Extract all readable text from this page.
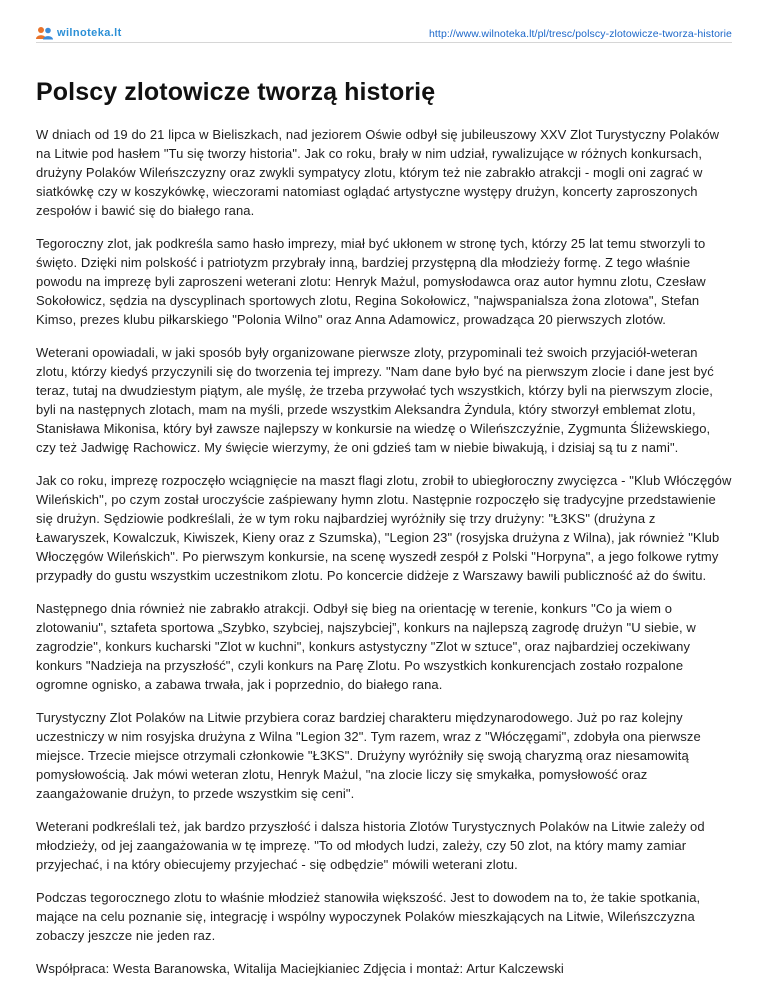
wilnoteka.lt	http://www.wilnoteka.lt/pl/tresc/polscy-zlotowicze-tworza-historie
Polscy zlotowicze tworzą historię

W dniach od 19 do 21 lipca w Bieliszkach, nad jeziorem Oświe odbył się jubileuszowy XXV Zlot Turystyczny Polaków na Litwie pod hasłem "Tu się tworzy historia". Jak co roku, brały w nim udział, rywalizujące w różnych konkursach, drużyny Polaków Wileńszczyzny oraz zwykli sympatycy zlotu, którym też nie zabrakło atrakcji - mogli oni zagrać w siatkówkę czy w koszykówkę, wieczorami natomiast oglądać artystyczne występy drużyn, koncerty zaproszonych zespołów i bawić się do białego rana.

Tegoroczny zlot, jak podkreśla samo hasło imprezy, miał być ukłonem w stronę tych, którzy 25 lat temu stworzyli to święto. Dzięki nim polskość i patriotyzm przybrały inną, bardziej przystępną dla młodzieży formę. Z tego właśnie powodu na imprezę byli zaproszeni weterani zlotu: Henryk Mażul, pomysłodawca oraz autor hymnu zlotu, Czesław Sokołowicz, sędzia na dyscyplinach sportowych zlotu, Regina Sokołowicz, "najwspanialsza żona zlotowa", Stefan Kimso, prezes klubu piłkarskiego "Polonia Wilno" oraz Anna Adamowicz, prowadząca 20 pierwszych zlotów.

Weterani opowiadali, w jaki sposób były organizowane pierwsze zloty, przypominali też swoich przyjaciół-weteran zlotu, którzy kiedyś przyczynili się do tworzenia tej imprezy. "Nam dane było być na pierwszym zlocie i dane jest być teraz, tutaj na dwudziestym piątym, ale myślę, że trzeba przywołać tych wszystkich, którzy byli na pierwszym zlocie, byli na następnych zlotach, mam na myśli, przede wszystkim Aleksandra Żyndula, który stworzył emblemat zlotu, Stanisława Mikonisa, który był zawsze najlepszy w konkursie na wiedzę o Wileńszczyźnie, Zygmunta Śliżewskiego, czy też Jadwigę Rachowicz. My święcie wierzymy, że oni gdzieś tam w niebie biwakują, i dzisiaj są tu z nami".

Jak co roku, imprezę rozpoczęło wciągnięcie na maszt flagi zlotu, zrobił to ubiegłoroczny zwycięzca - "Klub Włóczęgów Wileńskich", po czym został uroczyście zaśpiewany hymn zlotu. Następnie rozpoczęło się tradycyjne przedstawienie się drużyn. Sędziowie podkreślali, że w tym roku najbardziej wyróżniły się trzy drużyny: "Ł3KS" (drużyna z Ławaryszek, Kowalczuk, Kiwiszek, Kieny oraz z Szumska), "Legion 23" (rosyjska drużyna z Wilna), jak również "Klub Włoczęgów Wileńskich". Po pierwszym konkursie, na scenę wyszedł zespół z Polski "Horpyna", a jego folkowe rytmy przypadły do gustu wszystkim uczestnikom zlotu. Po koncercie didżeje z Warszawy bawili publiczność aż do świtu.

Następnego dnia również nie zabrakło atrakcji. Odbył się bieg na orientację w terenie, konkurs "Co ja wiem o zlotowaniu", sztafeta sportowa „Szybko, szybciej, najszybciej”, konkurs na najlepszą zagrodę drużyn "U siebie, w zagrodzie", konkurs kucharski "Zlot w kuchni", konkurs astystyczny "Zlot w sztuce", oraz najbardziej oczekiwany konkurs "Nadzieja na przyszłość", czyli konkurs na Parę Zlotu. Po wszystkich konkurencjach zostało rozpalone ogromne ognisko, a zabawa trwała, jak i poprzednio, do białego rana.

Turystyczny Zlot Polaków na Litwie przybiera coraz bardziej charakteru międzynarodowego. Już po raz kolejny uczestniczy w nim rosyjska drużyna z Wilna "Legion 32". Tym razem, wraz z "Włóczęgami", zdobyła ona pierwsze miejsce. Trzecie miejsce otrzymali członkowie "Ł3KS". Drużyny wyróżniły się swoją charyzmą oraz niesamowitą pomysłowością. Jak mówi weteran zlotu, Henryk Mażul, "na zlocie liczy się smykałka, pomysłowość oraz zaangażowanie drużyn, to przede wszystkim się ceni".

Weterani podkreślali też, jak bardzo przyszłość i dalsza historia Zlotów Turystycznych Polaków na Litwie zależy od młodzieży, od jej zaangażowania w tę imprezę. "To od młodych ludzi, zależy, czy 50 zlot, na który mamy zamiar przyjechać, i na który obiecujemy przyjechać - się odbędzie" mówili weterani zlotu.

Podczas tegorocznego zlotu to właśnie młodzież stanowiła większość. Jest to dowodem na to, że takie spotkania, mające na celu poznanie się, integrację i wspólny wypoczynek Polaków mieszkających na Litwie, Wileńszczyzna zobaczy jeszcze nie jeden raz.

Współpraca: Westa Baranowska, Witalija Maciejkianiec Zdjęcia i montaż: Artur Kalczewski
